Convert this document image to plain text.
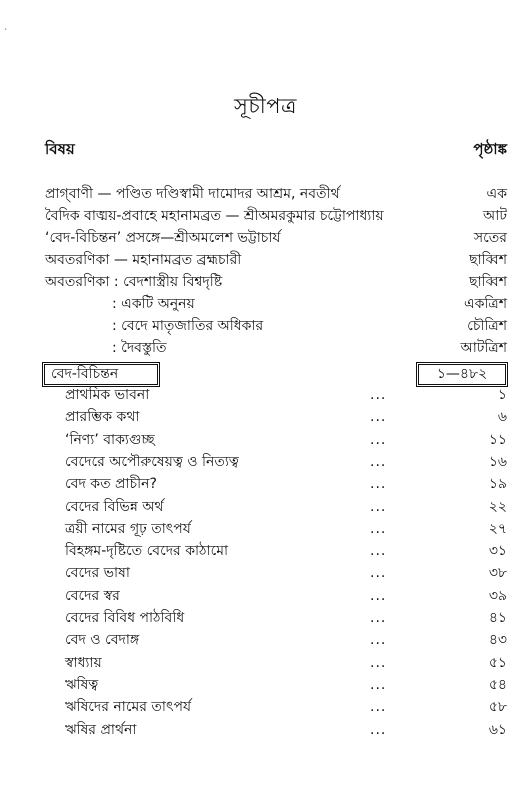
`
সূচীপত্র
বিষয়	পৃষ্ঠাঙ্ক
প্রাগ্‌বাণী — পণ্ডিত দণ্ডিস্বামী দামোদর আশ্রম, নবতীর্থ	এক
বৈদিক বাঙ্ময়-প্রবাহে মহানামব্রত — শ্রীঅমরকুমার চট্টোপাধ্যায়	আট
‘বেদ-বিচিন্তন’ প্রসঙ্গে—শ্রীঅমলেশ ভট্টাচার্য	সতের
অবতরণিকা — মহানামব্রত ব্রহ্মচারী	ছাব্বিশ
অবতরণিকা : বেদশাস্ত্রীয় বিশ্বদৃষ্টি	ছাব্বিশ
: একটি অনুনয়	একত্রিশ
: বেদে মাতৃজাতির অধিকার	চৌত্রিশ
: দৈবস্তুতি	আটত্রিশ
বেদ-বিচিন্তন	১—৪৮২
প্রাথমিক ভাবনা	...	১
প্রারম্ভিক কথা	...	৬
‘নিণ্য’ বাক্যগুচ্ছ	...	১১
বেদেরে অপৌরুষেয়ত্ব ও নিত্যত্ব	...	১৬
বেদ কত প্রাচীন?	...	১৯
বেদের বিভিন্ন অর্থ	...	২২
ত্রয়ী নামের গূঢ় তাৎপর্য	...	২৭
বিহঙ্গম-দৃষ্টিতে বেদের কাঠামো	...	৩১
বেদের ভাষা	...	৩৮
বেদের স্বর	...	৩৯
বেদের বিবিধ পাঠবিধি	...	৪১
বেদ ও বেদাঙ্গ	...	৪৩
স্বাধ্যায়	...	৫১
ঋষিত্ব	...	৫৪
ঋষিদের নামের তাৎপর্য	...	৫৮
ঋষির প্রার্থনা	...	৬১
